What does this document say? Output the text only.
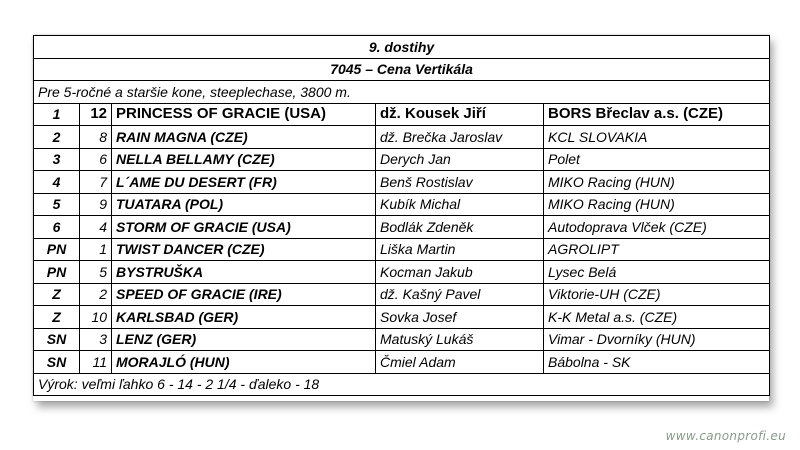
9. dostihy				
7045 – Cena Vertikála				
Pre 5-ročné a staršie kone, steeplechase, 3800 m.				
1	12	PRINCESS OF GRACIE (USA)	dž. Kousek Jiří	BORS Břeclav a.s. (CZE)
2	8	RAIN MAGNA (CZE)	dž. Brečka Jaroslav	KCL SLOVAKIA
3	6	NELLA BELLAMY (CZE)	Derych Jan	Polet
4	7	L´AME DU DESERT (FR)	Benš Rostislav	MIKO Racing (HUN)
5	9	TUATARA (POL)	Kubík Michal	MIKO Racing (HUN)
6	4	STORM OF GRACIE (USA)	Bodlák Zdeněk	Autodoprava Vlček (CZE)
PN	1	TWIST DANCER (CZE)	Liška Martin	AGROLIPT
PN	5	BYSTRUŠKA	Kocman Jakub	Lysec Belá
Z	2	SPEED OF GRACIE (IRE)	dž. Kašný Pavel	Viktorie-UH (CZE)
Z	10	KARLSBAD (GER)	Sovka Josef	K-K Metal a.s. (CZE)
SN	3	LENZ (GER)	Matuský Lukáš	Vimar - Dvorníky (HUN)
SN	11	MORAJLÓ (HUN)	Čmiel Adam	Bábolna - SK
Výrok: veľmi ľahko 6 - 14 - 2 1/4 - ďaleko - 18				
www.canonprofi.eu
